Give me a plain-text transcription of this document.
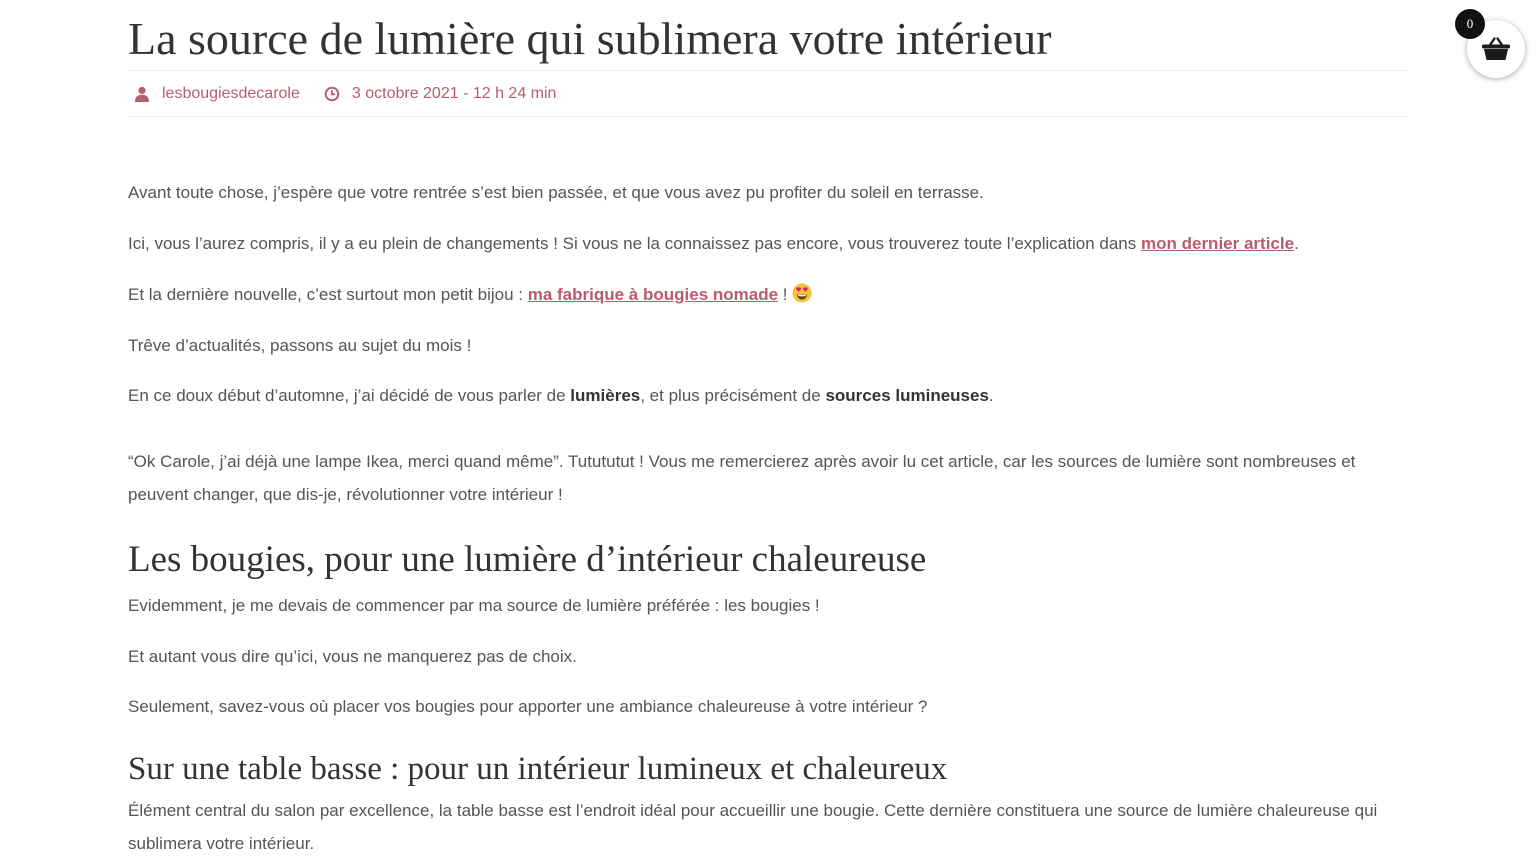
La source de lumière qui sublimera votre intérieur
lesbougiesdecarole	3 octobre 2021 - 12 h 24 min

Avant toute chose, j’espère que votre rentrée s’est bien passée, et que vous avez pu profiter du soleil en terrasse.

Ici, vous l’aurez compris, il y a eu plein de changements ! Si vous ne la connaissez pas encore, vous trouverez toute l’explication dans mon dernier article.

Et la dernière nouvelle, c’est surtout mon petit bijou : ma fabrique à bougies nomade !

Trêve d’actualités, passons au sujet du mois !

En ce doux début d’automne, j’ai décidé de vous parler de lumières, et plus précisément de sources lumineuses.

“Ok Carole, j’ai déjà une lampe Ikea, merci quand même”. Tutututut ! Vous me remercierez après avoir lu cet article, car les sources de lumière sont nombreuses et peuvent changer, que dis-je, révolutionner votre intérieur !

Les bougies, pour une lumière d’intérieur chaleureuse

Evidemment, je me devais de commencer par ma source de lumière préférée : les bougies !

Et autant vous dire qu’ici, vous ne manquerez pas de choix.

Seulement, savez-vous où placer vos bougies pour apporter une ambiance chaleureuse à votre intérieur ?

Sur une table basse : pour un intérieur lumineux et chaleureux

Élément central du salon par excellence, la table basse est l’endroit idéal pour accueillir une bougie. Cette dernière constituera une source de lumière chaleureuse qui sublimera votre intérieur.

0
